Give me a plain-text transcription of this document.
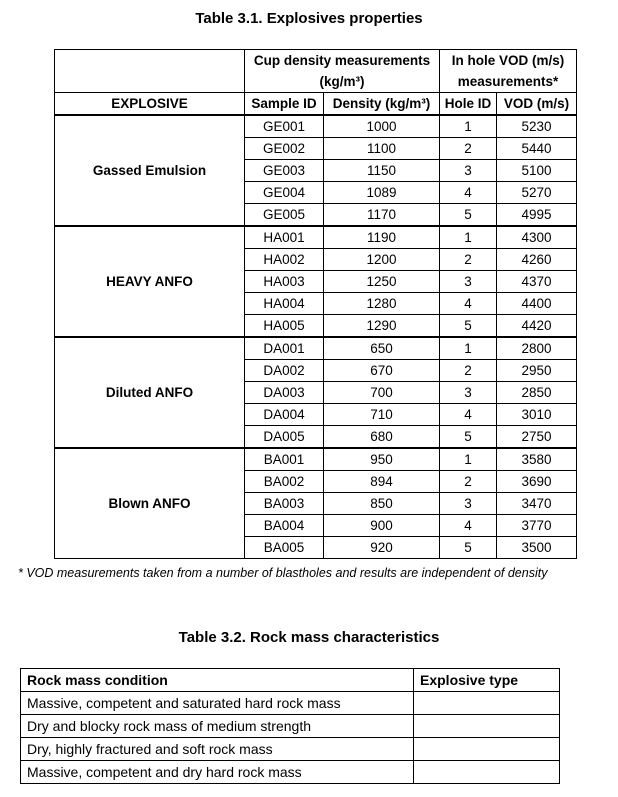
Table 3.1. Explosives properties
	Cup density measurements (kg/m³)		In hole VOD (m/s) measurements*	

EXPLOSIVE	Sample ID	Density (kg/m³)	Hole ID	VOD (m/s)
Gassed Emulsion	GE001	1000	1	5230
	GE002	1100	2	5440
	GE003	1150	3	5100
	GE004	1089	4	5270
	GE005	1170	5	4995
HEAVY ANFO	HA001	1190	1	4300
	HA002	1200	2	4260
	HA003	1250	3	4370
	HA004	1280	4	4400
	HA005	1290	5	4420
Diluted ANFO	DA001	650	1	2800
	DA002	670	2	2950
	DA003	700	3	2850
	DA004	710	4	3010
	DA005	680	5	2750
Blown ANFO	BA001	950	1	3580
	BA002	894	2	3690
	BA003	850	3	3470
	BA004	900	4	3770
	BA005	920	5	3500
* VOD measurements taken from a number of blastholes and results are independent of density
Table 3.2. Rock mass characteristics
Rock mass condition	Explosive type
Massive, competent and saturated hard rock mass	
Dry and blocky rock mass of medium strength	
Dry, highly fractured and soft rock mass	
Massive, competent and dry hard rock mass	
